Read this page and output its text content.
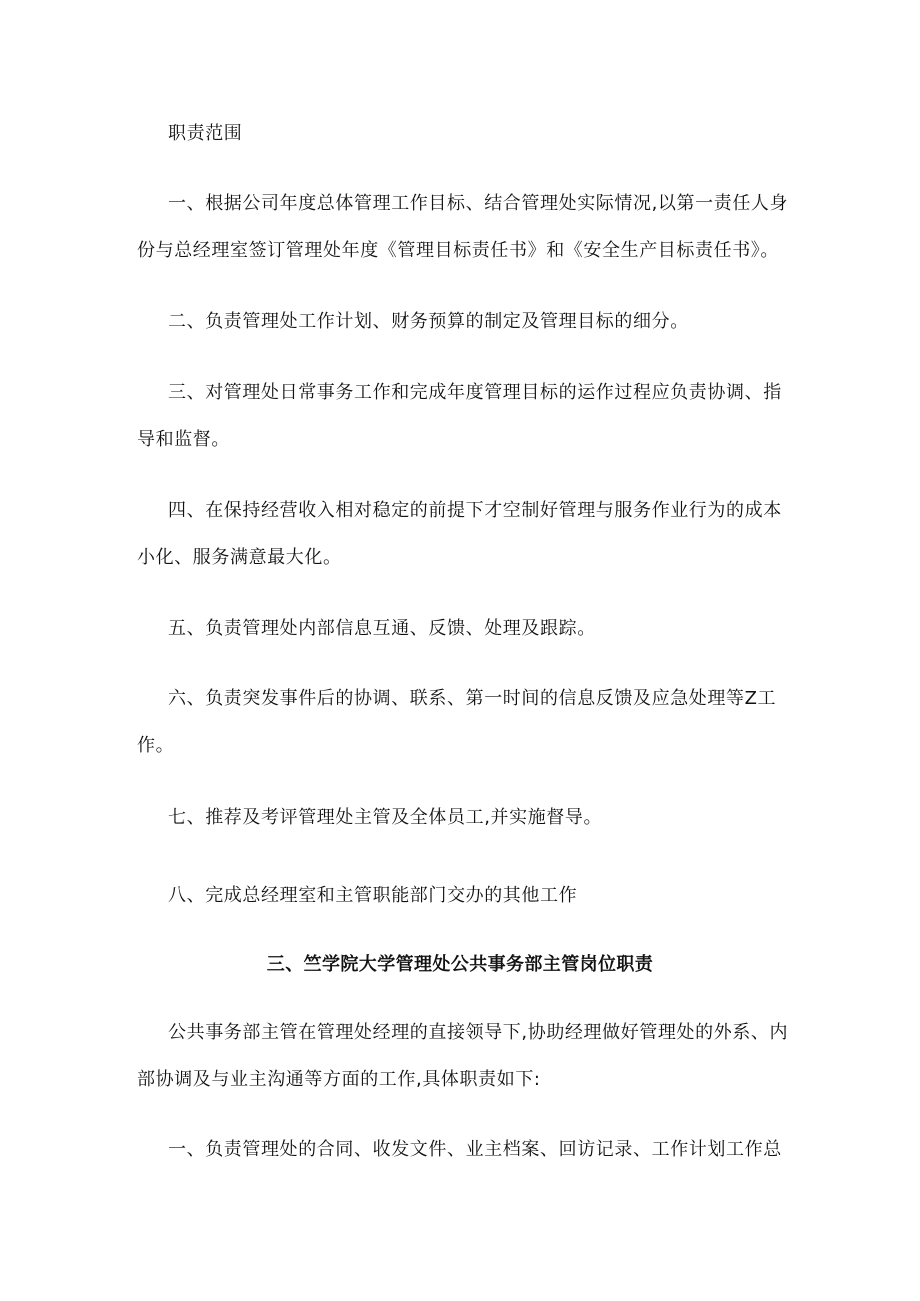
职责范围
一、根据公司年度总体管理工作目标、结合管理处实际情况,以第一责任人身
份与总经理室签订管理处年度《管理目标责任书》和《安全生产目标责任书》。
二、负责管理处工作计划、财务预算的制定及管理目标的细分。
三、对管理处日常事务工作和完成年度管理目标的运作过程应负责协调、指
导和监督。
四、在保持经营收入相对稳定的前提下才空制好管理与服务作业行为的成本
小化、服务满意最大化。
五、负责管理处内部信息互通、反馈、处理及跟踪。
六、负责突发事件后的协调、联系、第一时间的信息反馈及应急处理等Z工
作。
七、推荐及考评管理处主管及全体员工,并实施督导。
八、完成总经理室和主管职能部门交办的其他工作
三、竺学院大学管理处公共事务部主管岗位职责
公共事务部主管在管理处经理的直接领导下,协助经理做好管理处的外系、内
部协调及与业主沟通等方面的工作,具体职责如下:
一、负责管理处的合同、收发文件、业主档案、回访记录、工作计划工作总
